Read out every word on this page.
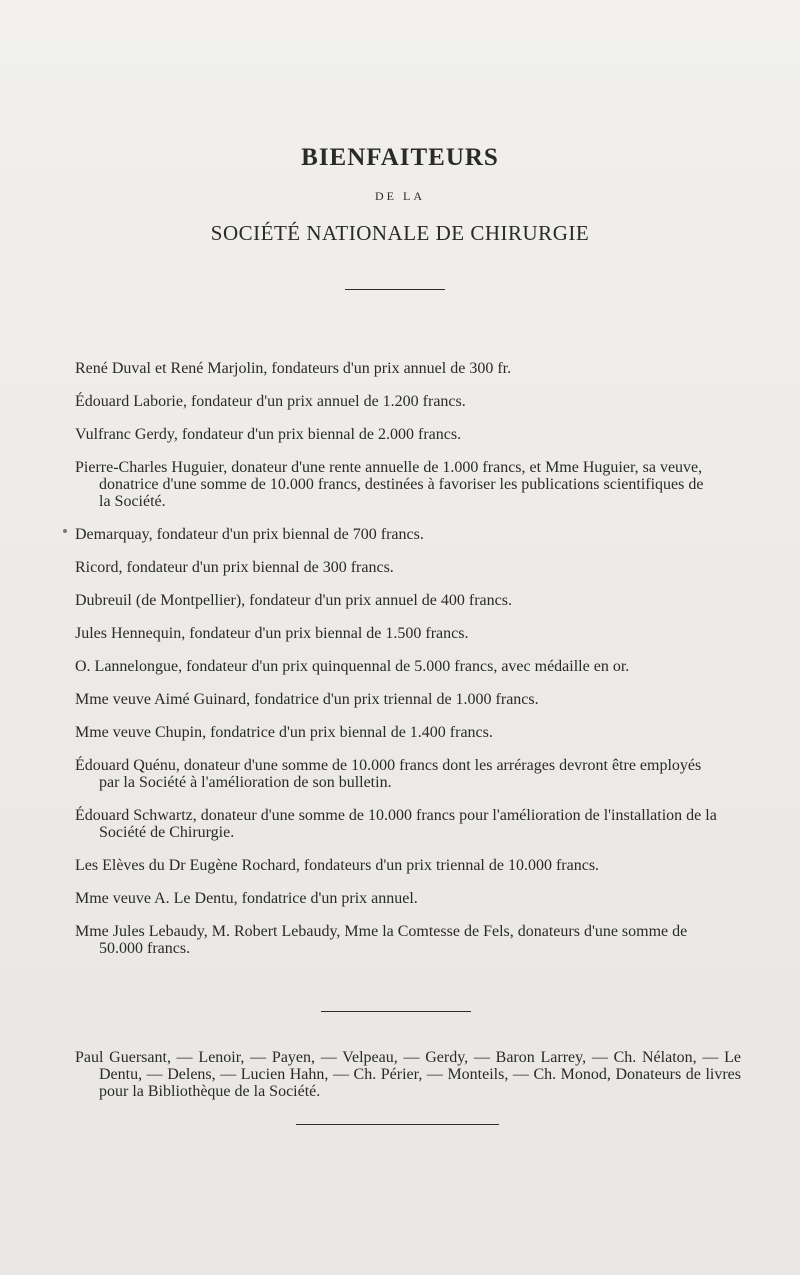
BIENFAITEURS
DE LA
SOCIÉTÉ NATIONALE DE CHIRURGIE

René Duval et René Marjolin, fondateurs d'un prix annuel de 300 fr.

Édouard Laborie, fondateur d'un prix annuel de 1.200 francs.

Vulfranc Gerdy, fondateur d'un prix biennal de 2.000 francs.

Pierre-Charles Huguier, donateur d'une rente annuelle de 1.000 francs, et Mme Huguier, sa veuve, donatrice d'une somme de 10.000 francs, destinées à favoriser les publications scientifiques de la Société.

Demarquay, fondateur d'un prix biennal de 700 francs.

Ricord, fondateur d'un prix biennal de 300 francs.

Dubreuil (de Montpellier), fondateur d'un prix annuel de 400 francs.

Jules Hennequin, fondateur d'un prix biennal de 1.500 francs.

O. Lannelongue, fondateur d'un prix quinquennal de 5.000 francs, avec médaille en or.

Mme veuve Aimé Guinard, fondatrice d'un prix triennal de 1.000 francs.

Mme veuve Chupin, fondatrice d'un prix biennal de 1.400 francs.

Édouard Quénu, donateur d'une somme de 10.000 francs dont les arrérages devront être employés par la Société à l'amélioration de son bulletin.

Édouard Schwartz, donateur d'une somme de 10.000 francs pour l'amélioration de l'installation de la Société de Chirurgie.

Les Elèves du Dr Eugène Rochard, fondateurs d'un prix triennal de 10.000 francs.

Mme veuve A. Le Dentu, fondatrice d'un prix annuel.

Mme Jules Lebaudy, M. Robert Lebaudy, Mme la Comtesse de Fels, donateurs d'une somme de 50.000 francs.

Paul Guersant, — Lenoir, — Payen, — Velpeau, — Gerdy, — Baron Larrey, — Ch. Nélaton, — Le Dentu, — Delens, — Lucien Hahn, — Ch. Périer, — Monteils, — Ch. Monod, Donateurs de livres pour la Bibliothèque de la Société.
